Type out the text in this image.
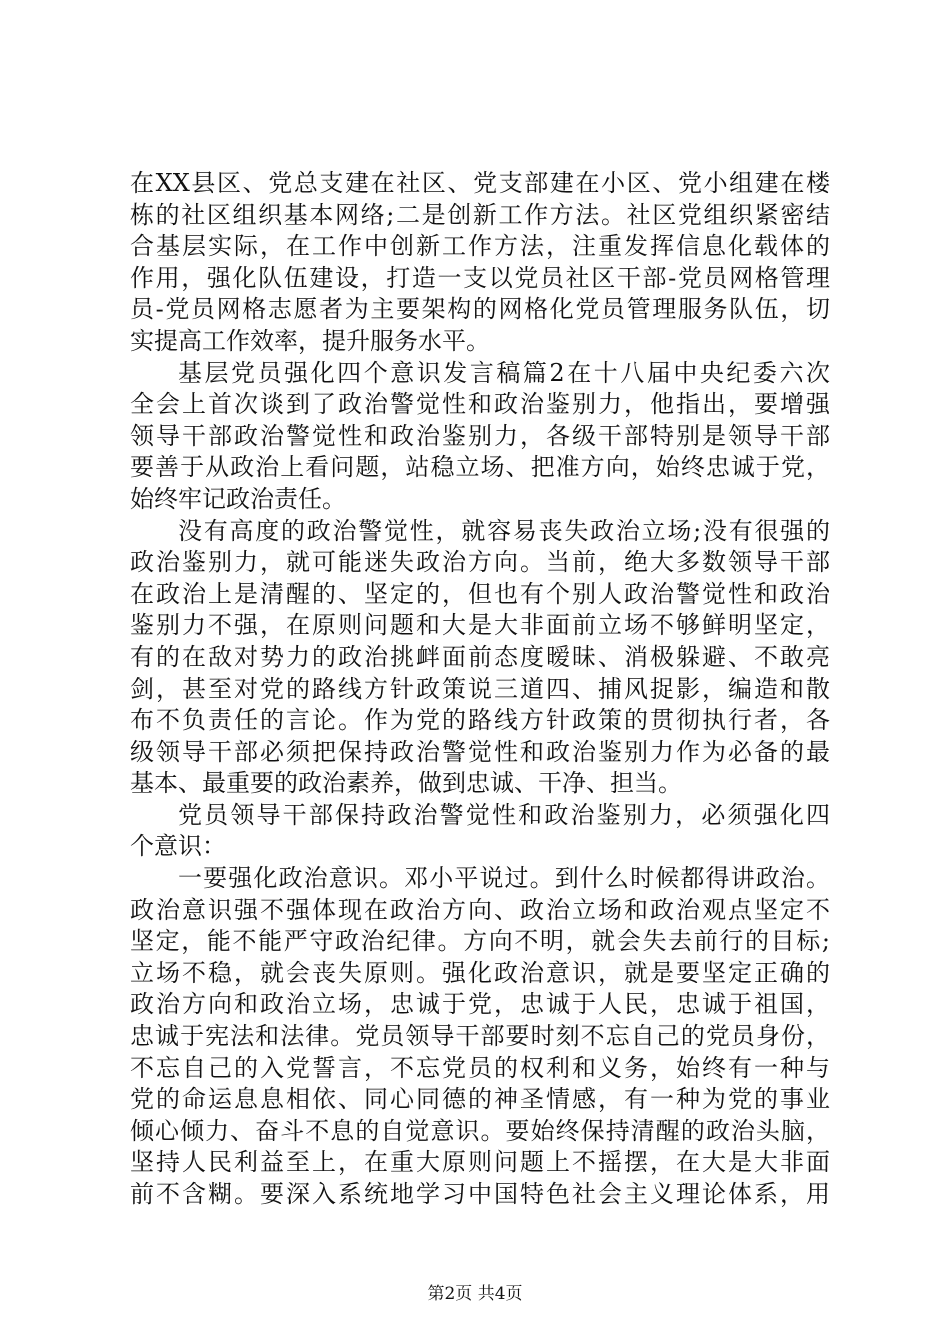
在XX县区、党总支建在社区、党支部建在小区、党小组建在楼
栋的社区组织基本网络;二是创新工作方法。社区党组织紧密结
合基层实际，在工作中创新工作方法，注重发挥信息化载体的
作用，强化队伍建设，打造一支以党员社区干部-党员网格管理
员-党员网格志愿者为主要架构的网格化党员管理服务队伍，切
实提高工作效率，提升服务水平。
基层党员强化四个意识发言稿篇2在十八届中央纪委六次
全会上首次谈到了政治警觉性和政治鉴别力，他指出，要增强
领导干部政治警觉性和政治鉴别力，各级干部特别是领导干部
要善于从政治上看问题，站稳立场、把准方向，始终忠诚于党，
始终牢记政治责任。
没有高度的政治警觉性，就容易丧失政治立场;没有很强的
政治鉴别力，就可能迷失政治方向。当前，绝大多数领导干部
在政治上是清醒的、坚定的，但也有个别人政治警觉性和政治
鉴别力不强，在原则问题和大是大非面前立场不够鲜明坚定，
有的在敌对势力的政治挑衅面前态度暧昧、消极躲避、不敢亮
剑，甚至对党的路线方针政策说三道四、捕风捉影，编造和散
布不负责任的言论。作为党的路线方针政策的贯彻执行者，各
级领导干部必须把保持政治警觉性和政治鉴别力作为必备的最
基本、最重要的政治素养，做到忠诚、干净、担当。
党员领导干部保持政治警觉性和政治鉴别力，必须强化四
个意识：
一要强化政治意识。邓小平说过。到什么时候都得讲政治。
政治意识强不强体现在政治方向、政治立场和政治观点坚定不
坚定，能不能严守政治纪律。方向不明，就会失去前行的目标;
立场不稳，就会丧失原则。强化政治意识，就是要坚定正确的
政治方向和政治立场，忠诚于党，忠诚于人民，忠诚于祖国，
忠诚于宪法和法律。党员领导干部要时刻不忘自己的党员身份，
不忘自己的入党誓言，不忘党员的权利和义务，始终有一种与
党的命运息息相依、同心同德的神圣情感，有一种为党的事业
倾心倾力、奋斗不息的自觉意识。要始终保持清醒的政治头脑，
坚持人民利益至上，在重大原则问题上不摇摆，在大是大非面
前不含糊。要深入系统地学习中国特色社会主义理论体系，用
第2页 共4页
